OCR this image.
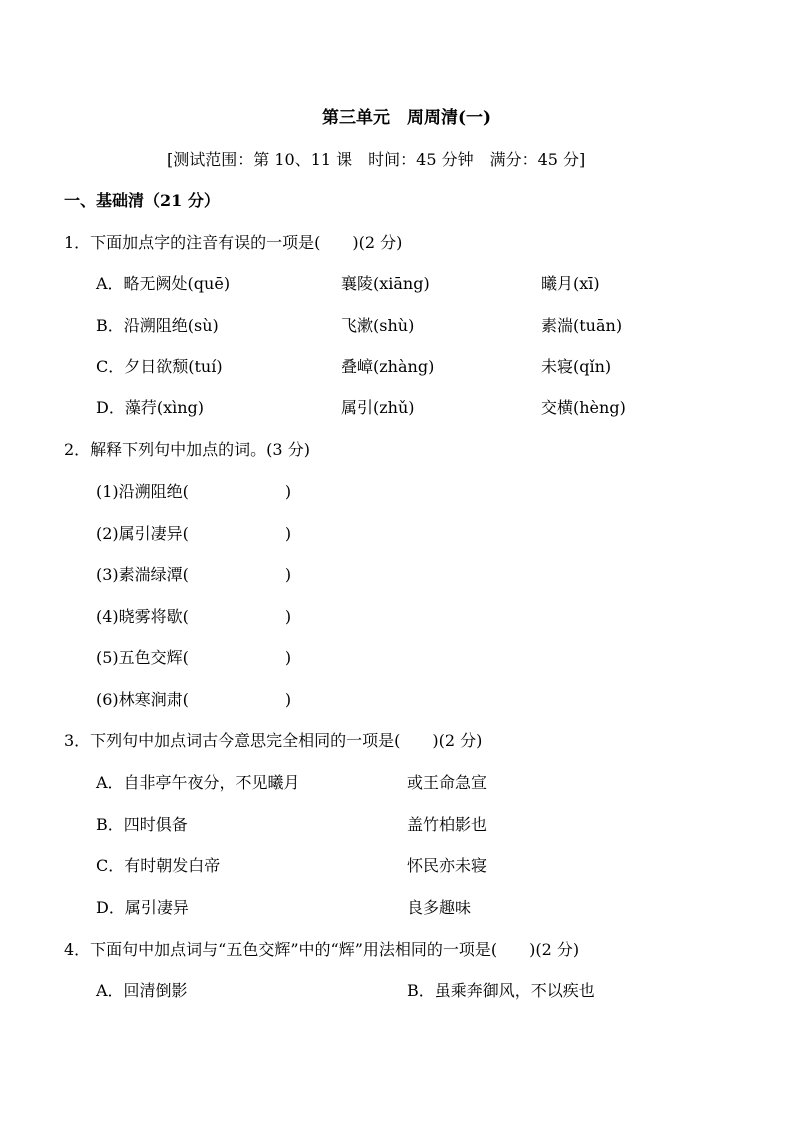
第三单元　周周清(一)
[测试范围：第 10、11 课　时间：45 分钟　满分：45 分]
一、基础清（21 分）
1．下面加点字的注音有误的一项是(　　)(2 分)
A．略无阙处(quē)	襄陵(xiāng)	曦月(xī)
B．沿溯阻绝(sù)	飞漱(shù)	素湍(tuān)
C．夕日欲颓(tuí)	叠嶂(zhàng)	未寝(qǐn)
D．藻荇(xìng)	属引(zhǔ)	交横(hèng)
2．解释下列句中加点的词。(3 分)
(1)沿溯阻绝(　　　　　　)
(2)属引凄异(　　　　　　)
(3)素湍绿潭(　　　　　　)
(4)晓雾将歇(　　　　　　)
(5)五色交辉(　　　　　　)
(6)林寒涧肃(　　　　　　)
3．下列句中加点词古今意思完全相同的一项是(　　)(2 分)
A．自非亭午夜分，不见曦月	或王命急宣
B．四时俱备	盖竹柏影也
C．有时朝发白帝	怀民亦未寝
D．属引凄异	良多趣味
4．下面句中加点词与“五色交辉”中的“辉”用法相同的一项是(　　)(2 分)
A．回清倒影	B．虽乘奔御风，不以疾也
